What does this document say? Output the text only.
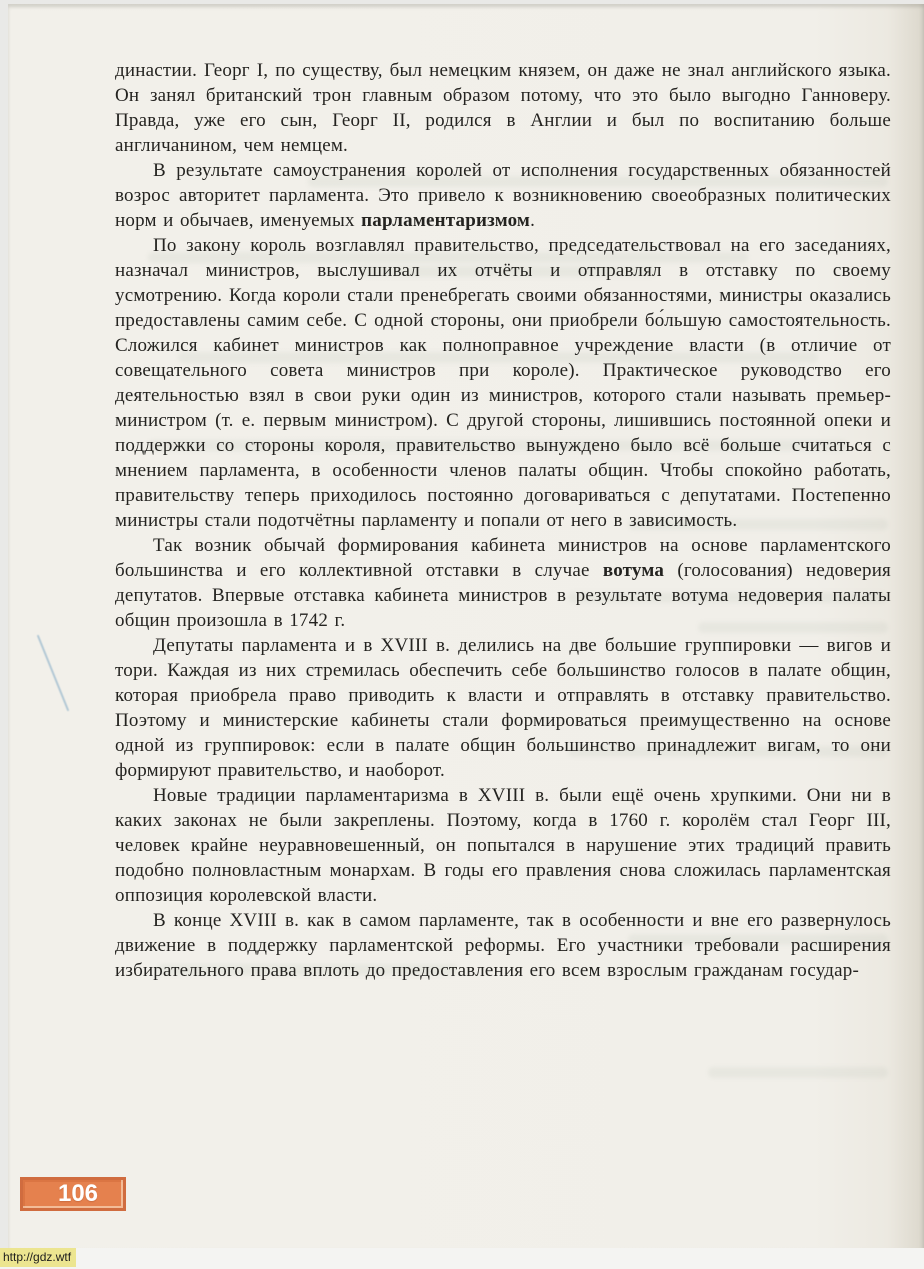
династии. Георг I, по существу, был немецким князем, он даже не знал английского языка. Он занял британский трон главным образом потому, что это было выгодно Ганноверу. Правда, уже его сын, Георг II, родился в Англии и был по воспитанию больше англичанином, чем немцем.

В результате самоустранения королей от исполнения государственных обязанностей возрос авторитет парламента. Это привело к возникновению своеобразных политических норм и обычаев, именуемых парламентаризмом.

По закону король возглавлял правительство, председательствовал на его заседаниях, назначал министров, выслушивал их отчёты и отправлял в отставку по своему усмотрению. Когда короли стали пренебрегать своими обязанностями, министры оказались предоставлены самим себе. С одной стороны, они приобрели бо́льшую самостоятельность. Сложился кабинет министров как полноправное учреждение власти (в отличие от совещательного совета министров при короле). Практическое руководство его деятельностью взял в свои руки один из министров, которого стали называть премьер-министром (т. е. первым министром). С другой стороны, лишившись постоянной опеки и поддержки со стороны короля, правительство вынуждено было всё больше считаться с мнением парламента, в особенности членов палаты общин. Чтобы спокойно работать, правительству теперь приходилось постоянно договариваться с депутатами. Постепенно министры стали подотчётны парламенту и попали от него в зависимость.

Так возник обычай формирования кабинета министров на основе парламентского большинства и его коллективной отставки в случае вотума (голосования) недоверия депутатов. Впервые отставка кабинета министров в результате вотума недоверия палаты общин произошла в 1742 г.

Депутаты парламента и в XVIII в. делились на две большие группировки — вигов и тори. Каждая из них стремилась обеспечить себе большинство голосов в палате общин, которая приобрела право приводить к власти и отправлять в отставку правительство. Поэтому и министерские кабинеты стали формироваться преимущественно на основе одной из группировок: если в палате общин большинство принадлежит вигам, то они формируют правительство, и наоборот.

Новые традиции парламентаризма в XVIII в. были ещё очень хрупкими. Они ни в каких законах не были закреплены. Поэтому, когда в 1760 г. королём стал Георг III, человек крайне неуравновешенный, он попытался в нарушение этих традиций править подобно полновластным монархам. В годы его правления снова сложилась парламентская оппозиция королевской власти.

В конце XVIII в. как в самом парламенте, так в особенности и вне его развернулось движение в поддержку парламентской реформы. Его участники требовали расширения избирательного права вплоть до предоставления его всем взрослым гражданам государ-

106
http://gdz.wtf
